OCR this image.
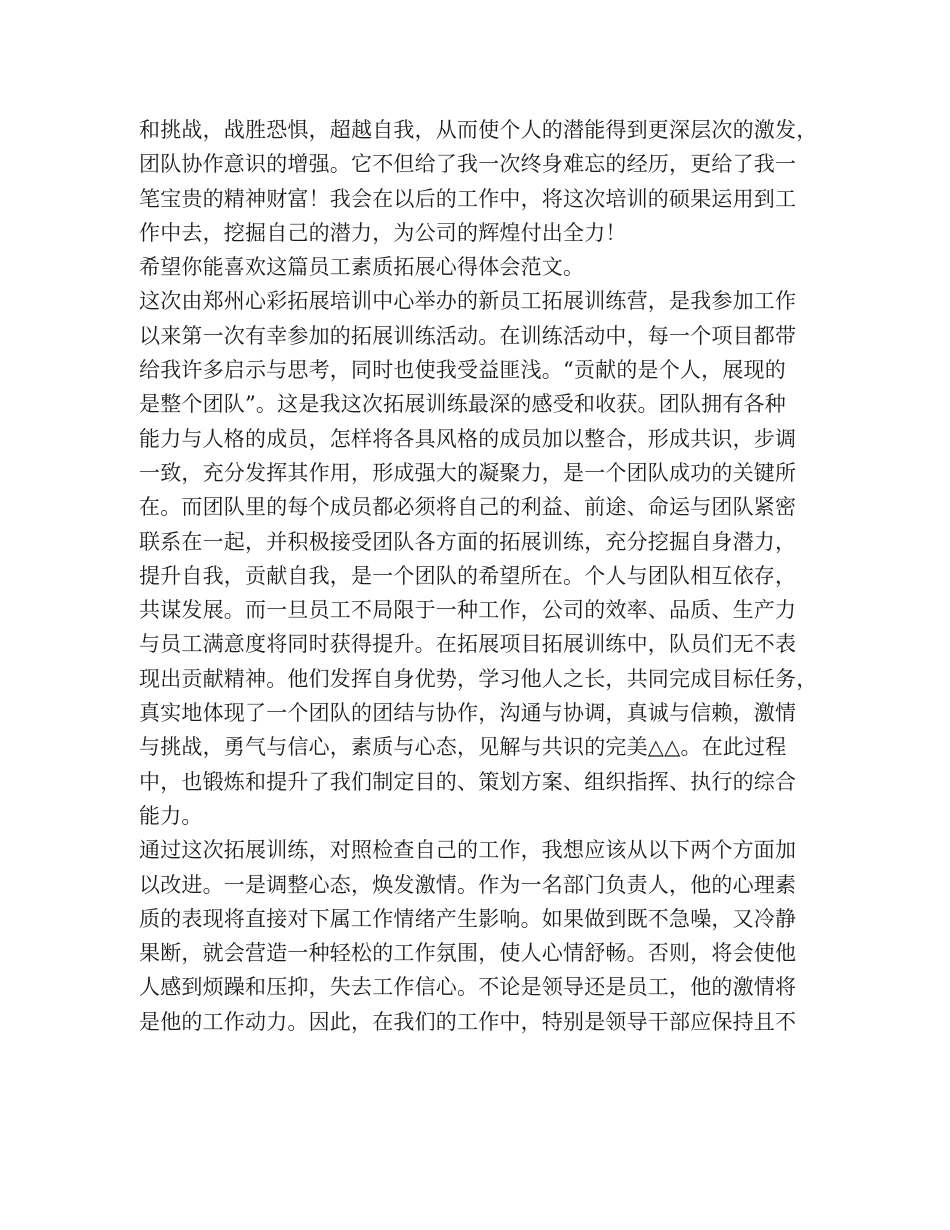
和挑战，战胜恐惧，超越自我，从而使个人的潜能得到更深层次的激发，
团队协作意识的增强。它不但给了我一次终身难忘的经历，更给了我一
笔宝贵的精神财富！我会在以后的工作中，将这次培训的硕果运用到工
作中去，挖掘自己的潜力，为公司的辉煌付出全力！
希望你能喜欢这篇员工素质拓展心得体会范文。
这次由郑州心彩拓展培训中心举办的新员工拓展训练营，是我参加工作
以来第一次有幸参加的拓展训练活动。在训练活动中，每一个项目都带
给我许多启示与思考，同时也使我受益匪浅。“贡献的是个人，展现的
是整个团队”。这是我这次拓展训练最深的感受和收获。团队拥有各种
能力与人格的成员，怎样将各具风格的成员加以整合，形成共识，步调
一致，充分发挥其作用，形成强大的凝聚力，是一个团队成功的关键所
在。而团队里的每个成员都必须将自己的利益、前途、命运与团队紧密
联系在一起，并积极接受团队各方面的拓展训练，充分挖掘自身潜力，
提升自我，贡献自我，是一个团队的希望所在。个人与团队相互依存，
共谋发展。而一旦员工不局限于一种工作，公司的效率、品质、生产力
与员工满意度将同时获得提升。在拓展项目拓展训练中，队员们无不表
现出贡献精神。他们发挥自身优势，学习他人之长，共同完成目标任务，
真实地体现了一个团队的团结与协作，沟通与协调，真诚与信赖，激情
与挑战，勇气与信心，素质与心态，见解与共识的完美△△。在此过程
中，也锻炼和提升了我们制定目的、策划方案、组织指挥、执行的综合
能力。
通过这次拓展训练，对照检查自己的工作，我想应该从以下两个方面加
以改进。一是调整心态，焕发激情。作为一名部门负责人，他的心理素
质的表现将直接对下属工作情绪产生影响。如果做到既不急噪，又冷静
果断，就会营造一种轻松的工作氛围，使人心情舒畅。否则，将会使他
人感到烦躁和压抑，失去工作信心。不论是领导还是员工，他的激情将
是他的工作动力。因此，在我们的工作中，特别是领导干部应保持且不
